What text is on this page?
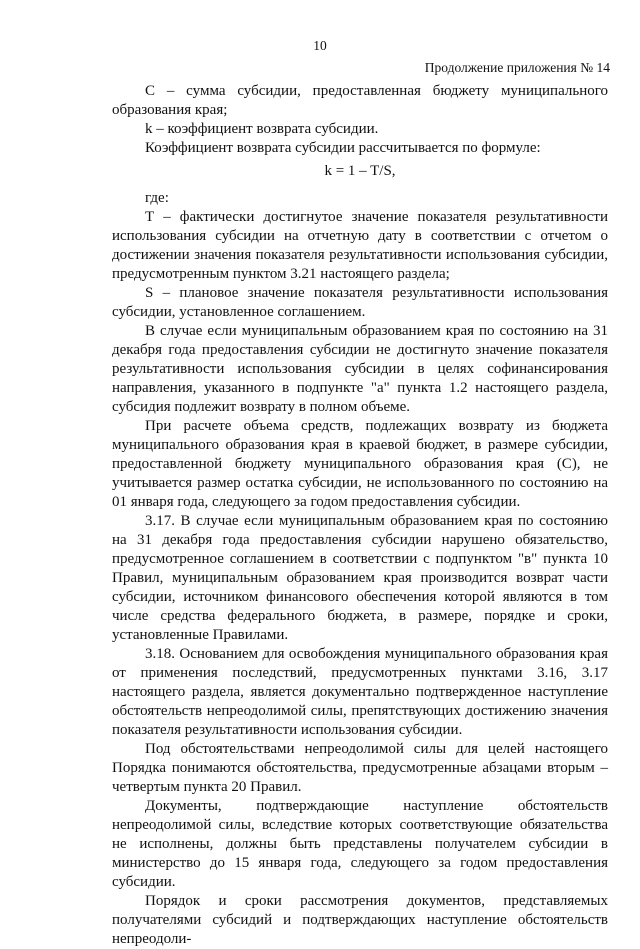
10
Продолжение приложения № 14

С – сумма субсидии, предоставленная бюджету муниципального образования края;

k – коэффициент возврата субсидии.

Коэффициент возврата субсидии рассчитывается по формуле:

k = 1 – T/S,

где:

Т – фактически достигнутое значение показателя результативности использования субсидии на отчетную дату в соответствии с отчетом о достижении значения показателя результативности использования субсидии, предусмотренным пунктом 3.21 настоящего раздела;

S – плановое значение показателя результативности использования субсидии, установленное соглашением.

В случае если муниципальным образованием края по состоянию на 31 декабря года предоставления субсидии не достигнуто значение показателя результативности использования субсидии в целях софинансирования направления, указанного в подпункте "а" пункта 1.2 настоящего раздела, субсидия подлежит возврату в полном объеме.

При расчете объема средств, подлежащих возврату из бюджета муниципального образования края в краевой бюджет, в размере субсидии, предоставленной бюджету муниципального образования края (С), не учитывается размер остатка субсидии, не использованного по состоянию на 01 января года, следующего за годом предоставления субсидии.

3.17. В случае если муниципальным образованием края по состоянию на 31 декабря года предоставления субсидии нарушено обязательство, предусмотренное соглашением в соответствии с подпунктом "в" пункта 10 Правил, муниципальным образованием края производится возврат части субсидии, источником финансового обеспечения которой являются в том числе средства федерального бюджета, в размере, порядке и сроки, установленные Правилами.

3.18. Основанием для освобождения муниципального образования края от применения последствий, предусмотренных пунктами 3.16, 3.17 настоящего раздела, является документально подтвержденное наступление обстоятельств непреодолимой силы, препятствующих достижению значения показателя результативности использования субсидии.

Под обстоятельствами непреодолимой силы для целей настоящего Порядка понимаются обстоятельства, предусмотренные абзацами вторым – четвертым пункта 20 Правил.

Документы, подтверждающие наступление обстоятельств непреодолимой силы, вследствие которых соответствующие обязательства не исполнены, должны быть представлены получателем субсидии в министерство до 15 января года, следующего за годом предоставления субсидии.

Порядок и сроки рассмотрения документов, представляемых получателями субсидий и подтверждающих наступление обстоятельств непреодоли-
